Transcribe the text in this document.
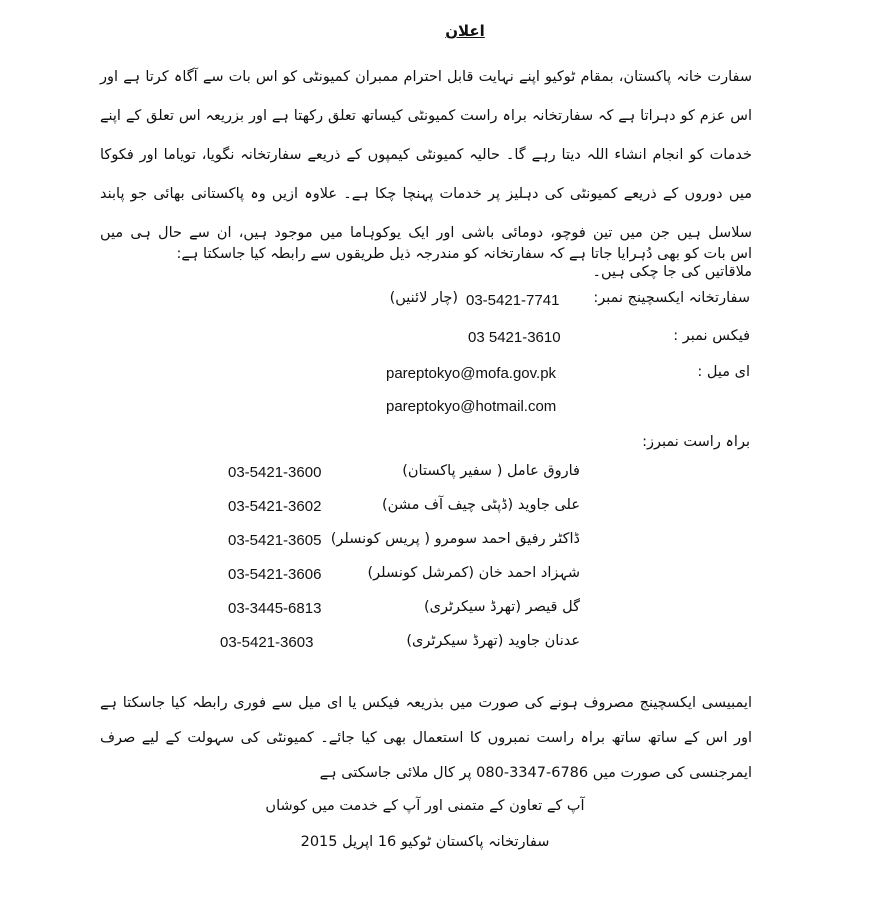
اعلان
سفارت خانہ پاکستان، بمقام ٹوکیو اپنے نہایت قابل احترام ممبران کمیونٹی کو اس بات سے آگاہ کرتا ہے اور اس عزم کو دہراتا ہے کہ سفارتخانہ براہ راست کمیونٹی کیساتھ تعلق رکھتا ہے اور بزریعہ اس تعلق کے اپنے خدمات کو انجام انشاء اللہ دیتا رہے گا۔ حالیہ کمیونٹی کیمپوں کے ذریعے سفارتخانہ نگویا، تویاما اور فکوکا میں دوروں کے ذریعے کمیونٹی کی دہلیز پر خدمات پہنچا چکا ہے۔ علاوہ ازیں وہ پاکستانی بھائی جو پابند سلاسل ہیں جن میں تین فوچو، دومائی باشی اور ایک یوکوہاما میں موجود ہیں، ان سے حال ہی میں ملاقاتیں کی جا چکی ہیں۔
اس بات کو بھی دُہرایا جاتا ہے کہ سفارتخانہ کو مندرجہ ذیل طریقوں سے رابطہ کیا جاسکتا ہے:
سفارتخانہ ایکسچینج نمبر:
03-5421-7741
(چار لائنیں)
فیکس نمبر :
03 5421-3610
ای میل :
pareptokyo@mofa.gov.pk
pareptokyo@hotmail.com
براہ راست نمبرز:
فاروق عامل ( سفیر پاکستان)
03-5421-3600
علی جاوید (ڈپٹی چیف آف مشن)
03-5421-3602
ڈاکٹر رفیق احمد سومرو ( پریس کونسلر)
03-5421-3605
شہزاد احمد خان (کمرشل کونسلر)
03-5421-3606
گل قیصر (تھرڈ سیکرٹری)
03-3445-6813
عدنان جاوید (تھرڈ سیکرٹری)
03-5421-3603
ایمبیسی ایکسچینج مصروف ہونے کی صورت میں بذریعہ فیکس یا ای میل سے فوری رابطہ کیا جاسکتا ہے اور اس کے ساتھ ساتھ براہ راست نمبروں کا استعمال بھی کیا جائے۔ کمیونٹی کی سہولت کے لیے صرف ایمرجنسی کی صورت میں 6786-3347-080 پر کال ملائی جاسکتی ہے
آپ کے تعاون کے متمنی اور آپ کے خدمت میں کوشاں
سفارتخانہ پاکستان ٹوکیو 16 اپریل 2015
